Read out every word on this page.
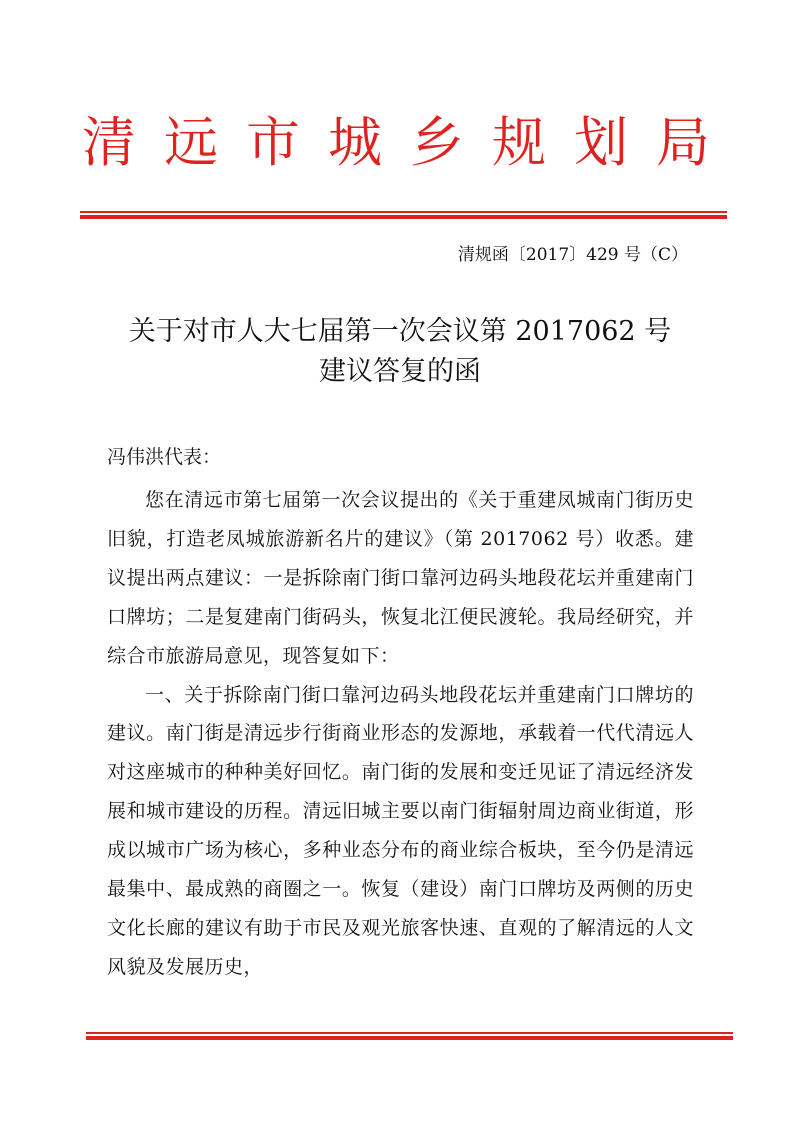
清远市城乡规划局
清规函〔2017〕429 号（C）
关于对市人大七届第一次会议第 2017062 号
建议答复的函
冯伟洪代表：

您在清远市第七届第一次会议提出的《关于重建凤城南门街历史旧貌，打造老凤城旅游新名片的建议》（第 2017062 号）收悉。建议提出两点建议：一是拆除南门街口靠河边码头地段花坛并重建南门口牌坊；二是复建南门街码头，恢复北江便民渡轮。我局经研究，并综合市旅游局意见，现答复如下：

一、关于拆除南门街口靠河边码头地段花坛并重建南门口牌坊的建议。南门街是清远步行街商业形态的发源地，承载着一代代清远人对这座城市的种种美好回忆。南门街的发展和变迁见证了清远经济发展和城市建设的历程。清远旧城主要以南门街辐射周边商业街道，形成以城市广场为核心，多种业态分布的商业综合板块，至今仍是清远最集中、最成熟的商圈之一。恢复（建设）南门口牌坊及两侧的历史文化长廊的建议有助于市民及观光旅客快速、直观的了解清远的人文风貌及发展历史，
